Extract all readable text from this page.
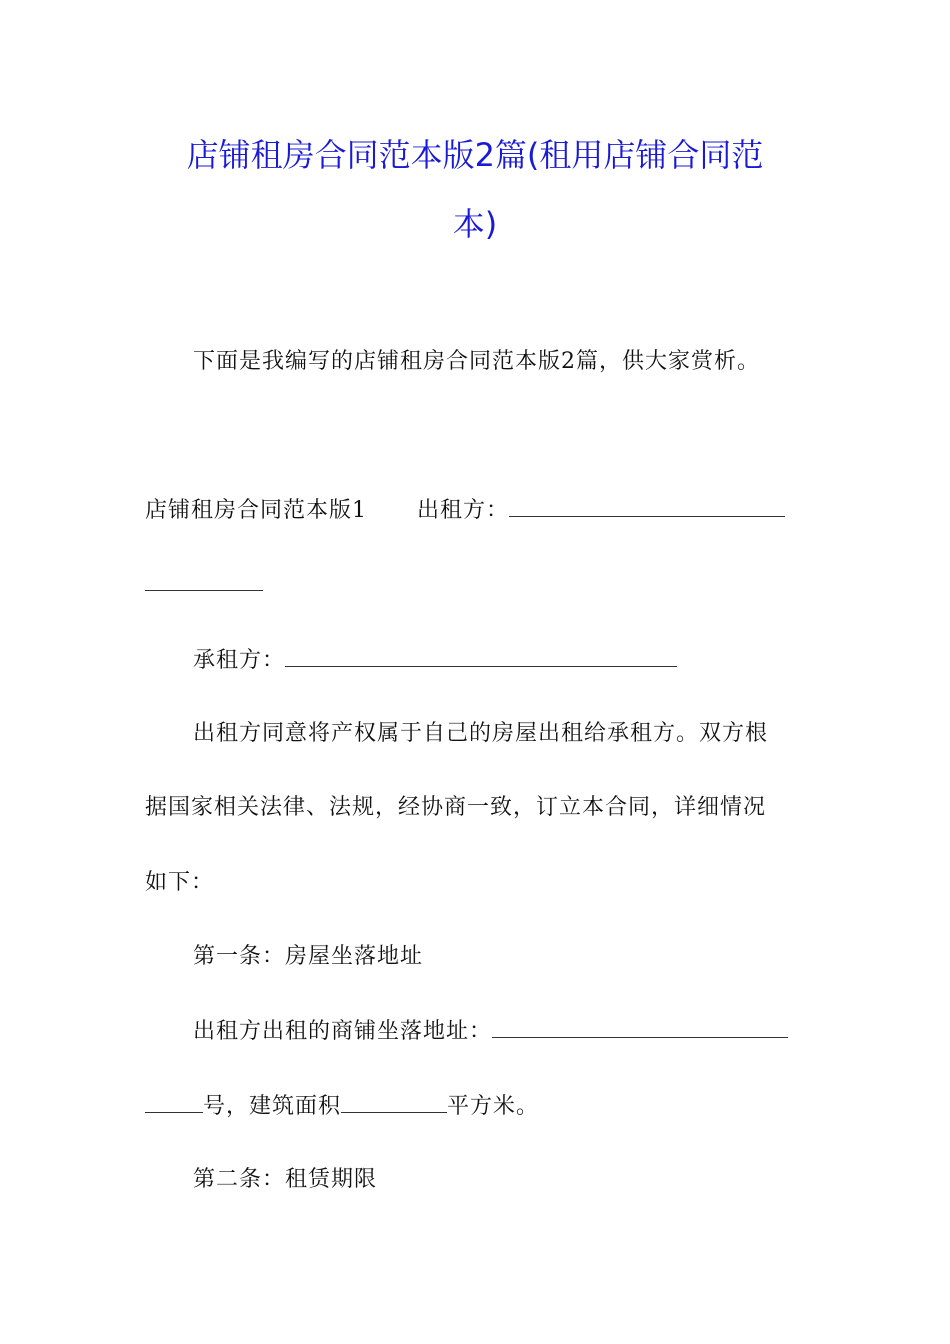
店铺租房合同范本版2篇(租用店铺合同范
本)
下面是我编写的店铺租房合同范本版2篇，供大家赏析。
店铺租房合同范本版1 出租方：
承租方：
出租方同意将产权属于自己的房屋出租给承租方。双方根
据国家相关法律、法规，经协商一致，订立本合同，详细情况
如下：
第一条：房屋坐落地址
出租方出租的商铺坐落地址：
号，建筑面积	平方米。
第二条：租赁期限
